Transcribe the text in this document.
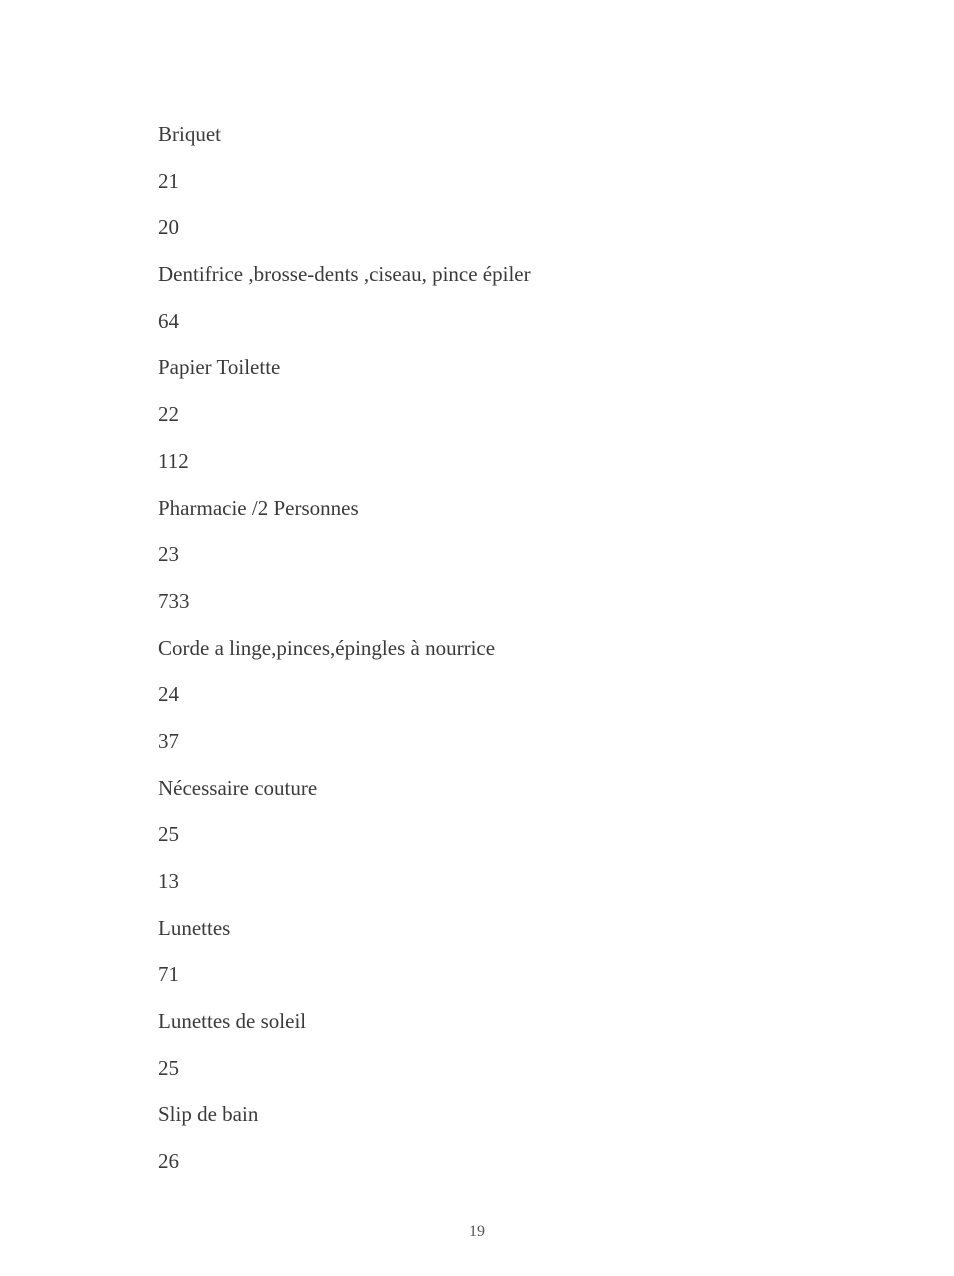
Briquet
21
20
Dentifrice ,brosse-dents ,ciseau, pince épiler
64
Papier Toilette
22
112
Pharmacie /2 Personnes
23
733
Corde a linge,pinces,épingles à nourrice
24
37
Nécessaire couture
25
13
Lunettes
71
Lunettes de soleil
25
Slip de bain
26
19
